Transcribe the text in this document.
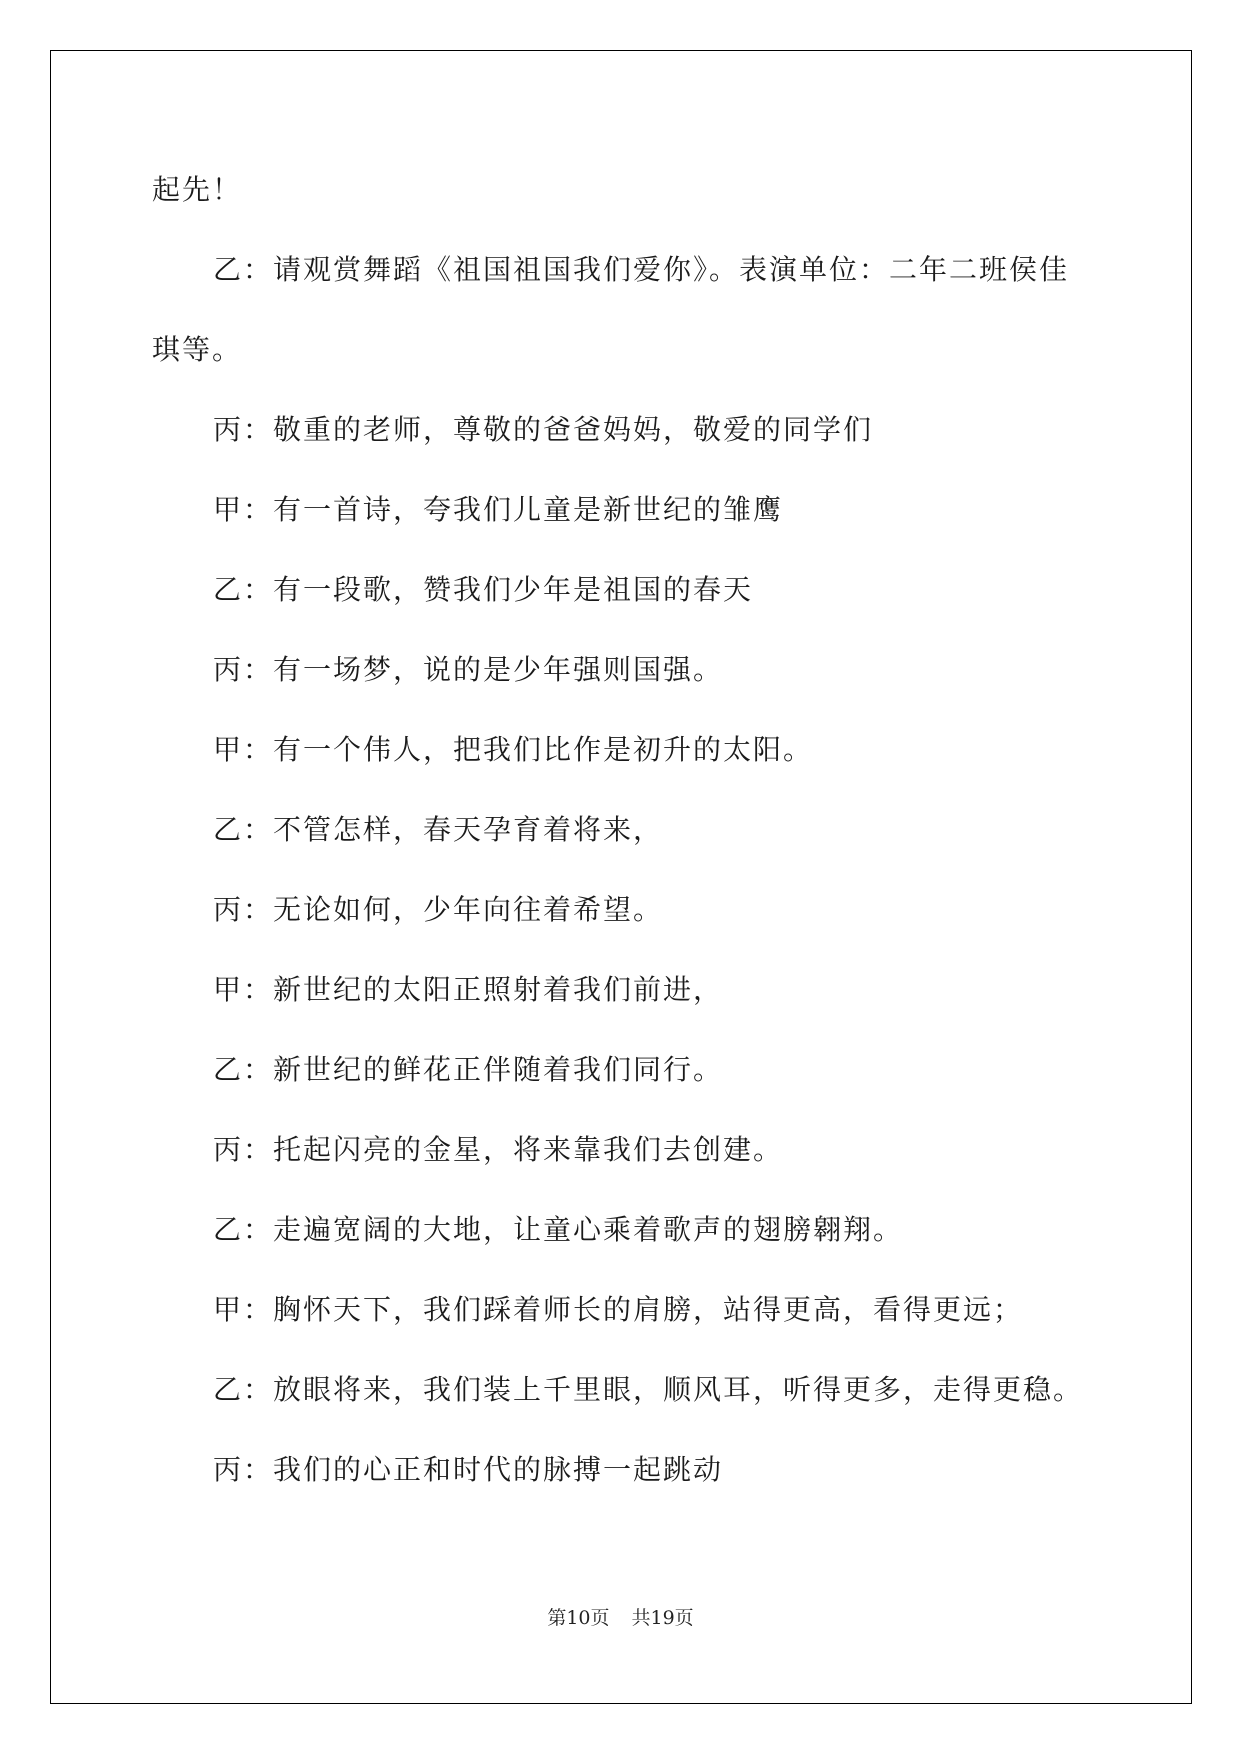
起先！
乙：请观赏舞蹈《祖国祖国我们爱你》。表演单位：二年二班侯佳
琪等。
丙：敬重的老师，尊敬的爸爸妈妈，敬爱的同学们
甲：有一首诗，夸我们儿童是新世纪的雏鹰
乙：有一段歌，赞我们少年是祖国的春天
丙：有一场梦，说的是少年强则国强。
甲：有一个伟人，把我们比作是初升的太阳。
乙：不管怎样，春天孕育着将来，
丙：无论如何，少年向往着希望。
甲：新世纪的太阳正照射着我们前进，
乙：新世纪的鲜花正伴随着我们同行。
丙：托起闪亮的金星，将来靠我们去创建。
乙：走遍宽阔的大地，让童心乘着歌声的翅膀翱翔。
甲：胸怀天下，我们踩着师长的肩膀，站得更高，看得更远；
乙：放眼将来，我们装上千里眼，顺风耳，听得更多，走得更稳。
丙：我们的心正和时代的脉搏一起跳动
第10页 共19页
